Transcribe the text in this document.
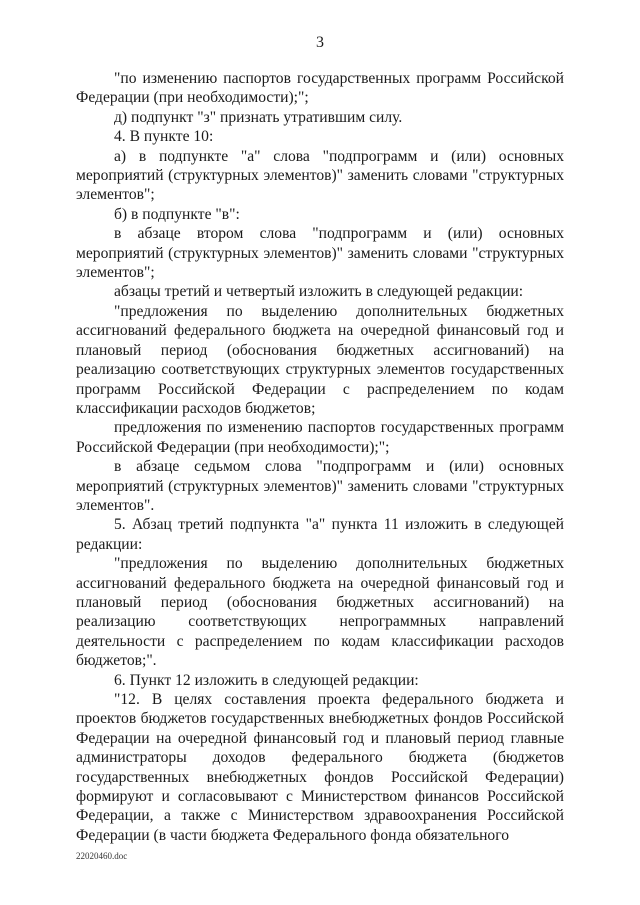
3

"по изменению паспортов государственных программ Российской Федерации (при необходимости);";

д) подпункт "з" признать утратившим силу.

4. В пункте 10:

а) в подпункте "а" слова "подпрограмм и (или) основных мероприятий (структурных элементов)" заменить словами "структурных элементов";

б) в подпункте "в":

в абзаце втором слова "подпрограмм и (или) основных мероприятий (структурных элементов)" заменить словами "структурных элементов";

абзацы третий и четвертый изложить в следующей редакции:

"предложения по выделению дополнительных бюджетных ассигнований федерального бюджета на очередной финансовый год и плановый период (обоснования бюджетных ассигнований) на реализацию соответствующих структурных элементов государственных программ Российской Федерации с распределением по кодам классификации расходов бюджетов;

предложения по изменению паспортов государственных программ Российской Федерации (при необходимости);";

в абзаце седьмом слова "подпрограмм и (или) основных мероприятий (структурных элементов)" заменить словами "структурных элементов".

5. Абзац третий подпункта "а" пункта 11 изложить в следующей редакции:

"предложения по выделению дополнительных бюджетных ассигнований федерального бюджета на очередной финансовый год и плановый период (обоснования бюджетных ассигнований) на реализацию соответствующих непрограммных направлений деятельности с распределением по кодам классификации расходов бюджетов;".

6. Пункт 12 изложить в следующей редакции:

"12. В целях составления проекта федерального бюджета и проектов бюджетов государственных внебюджетных фондов Российской Федерации на очередной финансовый год и плановый период главные администраторы доходов федерального бюджета (бюджетов государственных внебюджетных фондов Российской Федерации) формируют и согласовывают с Министерством финансов Российской Федерации, а также с Министерством здравоохранения Российской Федерации (в части бюджета Федерального фонда обязательного

22020460.doc
